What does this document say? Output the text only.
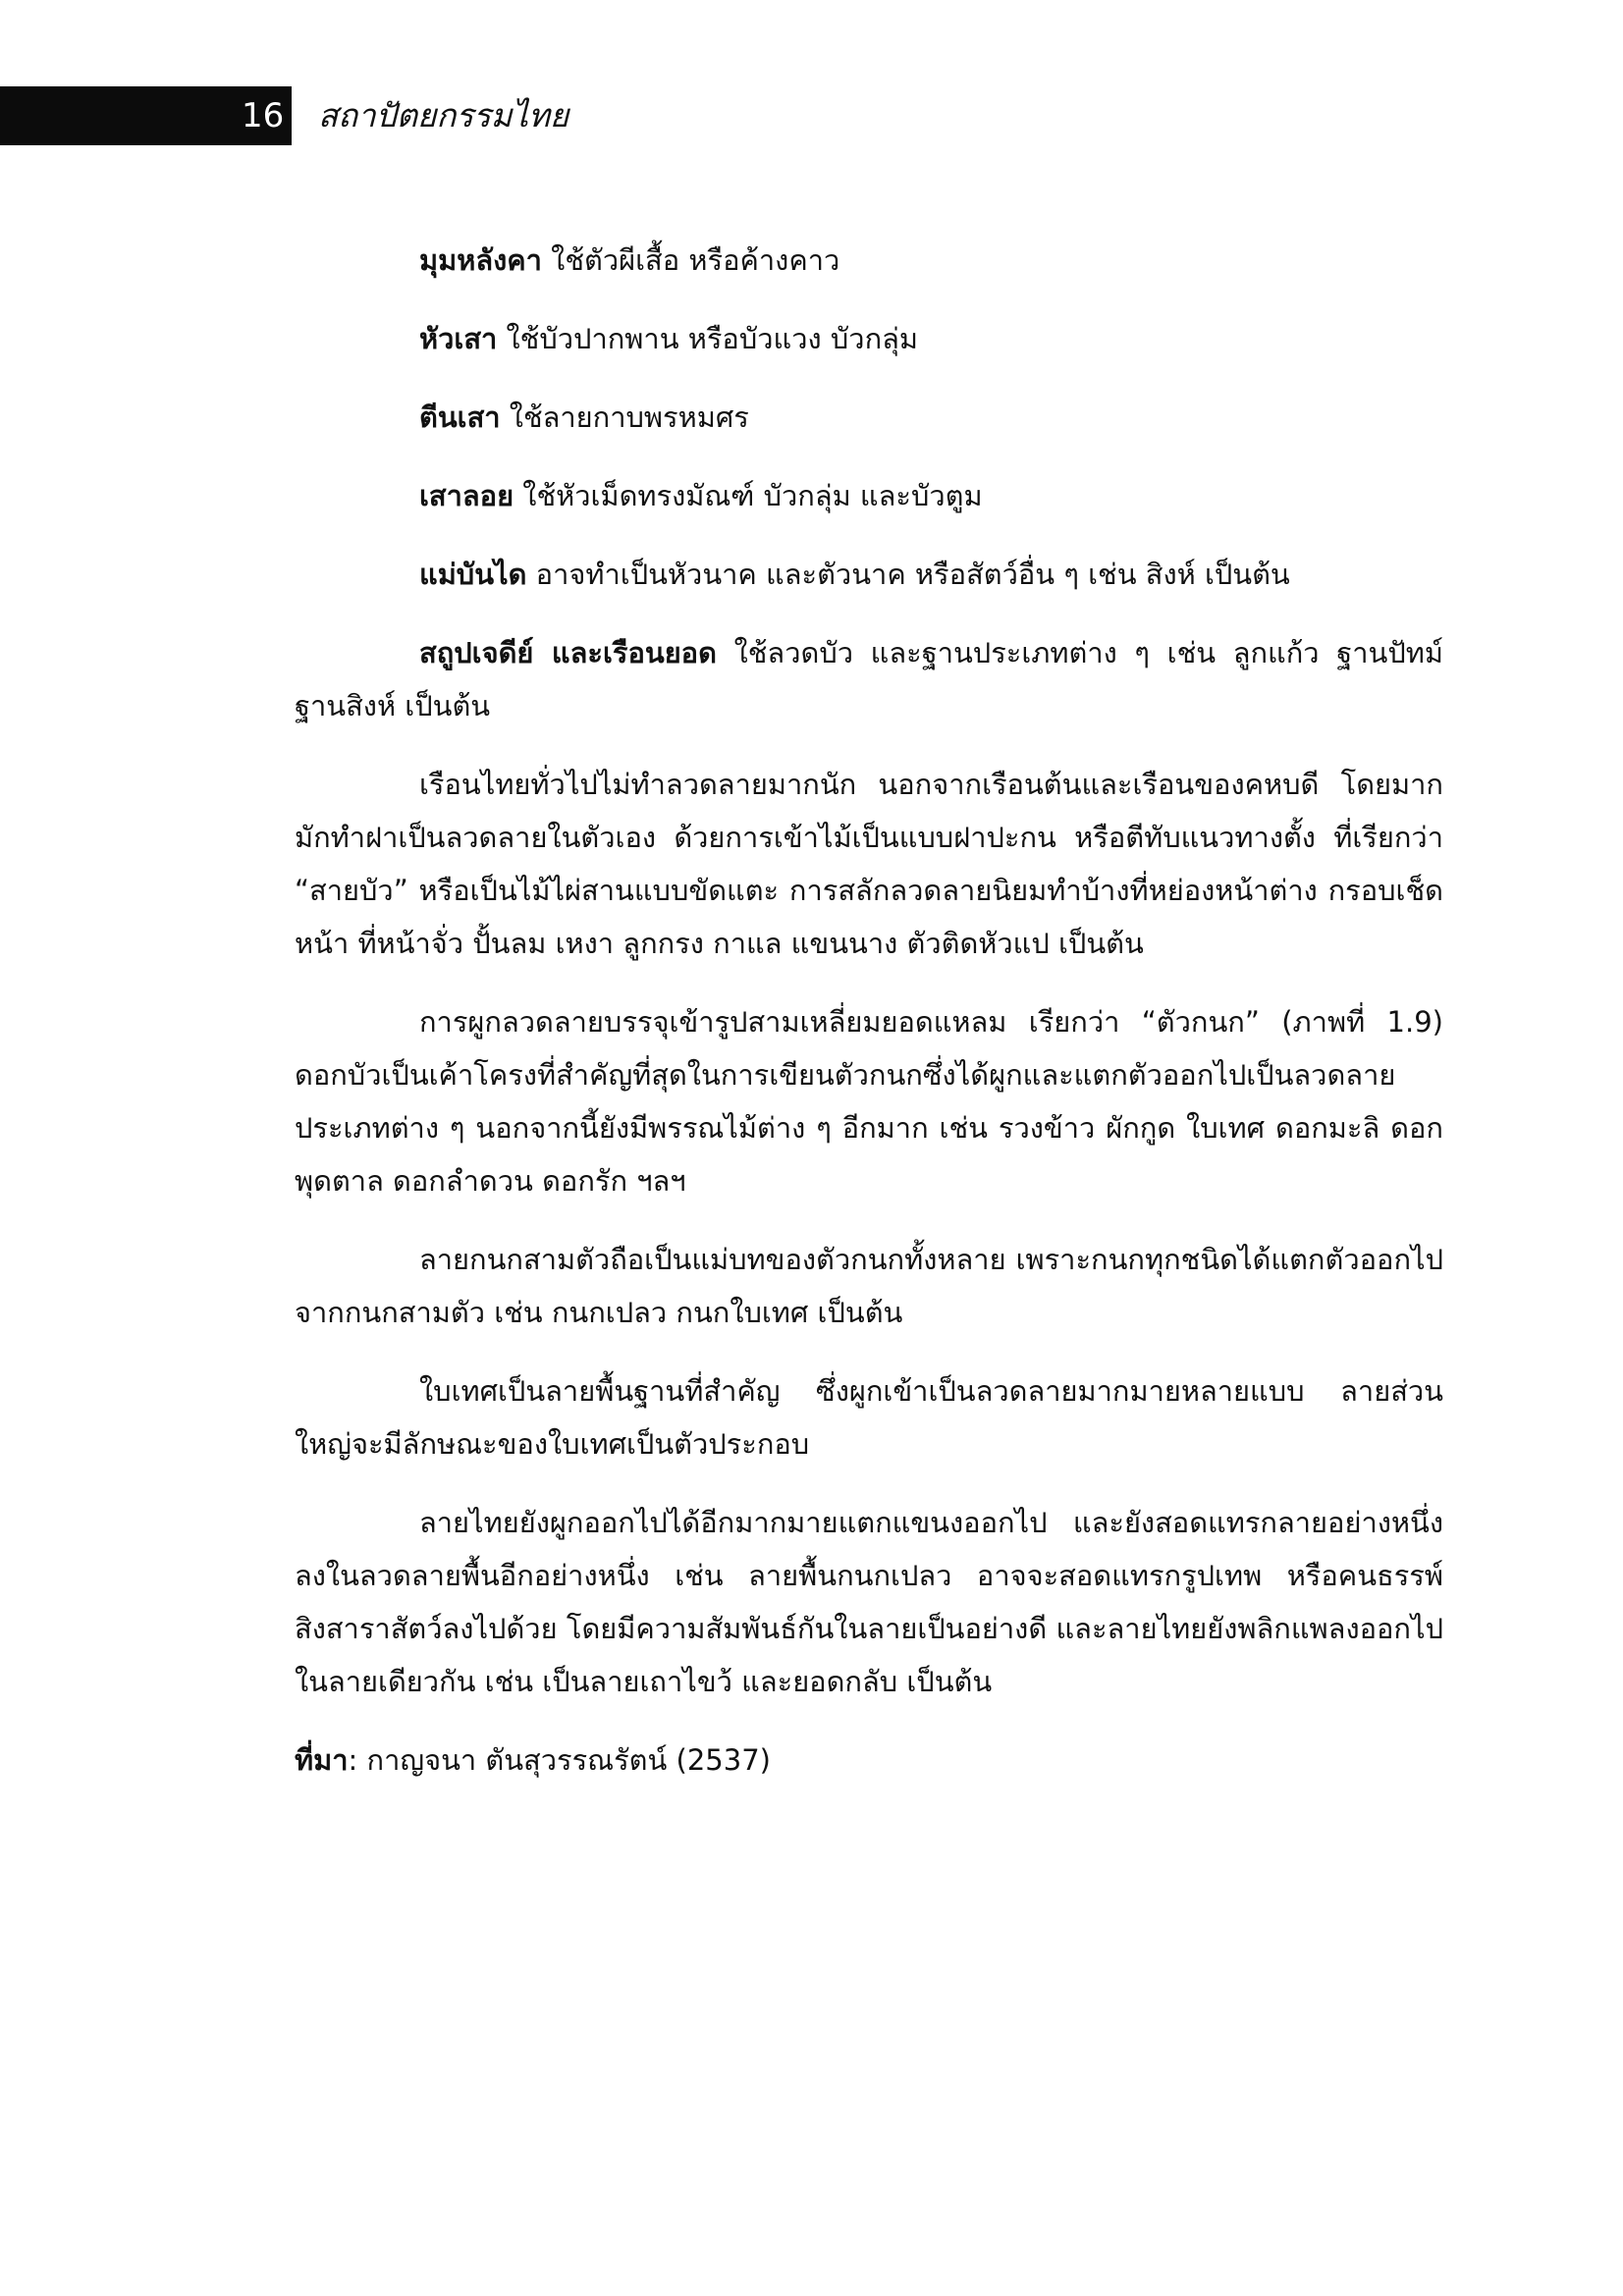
16 สถาปัตยกรรมไทย

มุมหลังคา ใช้ตัวผีเสื้อ หรือค้างคาว

หัวเสา ใช้บัวปากพาน หรือบัวแวง บัวกลุ่ม

ตีนเสา ใช้ลายกาบพรหมศร

เสาลอย ใช้หัวเม็ดทรงมัณฑ์ บัวกลุ่ม และบัวตูม

แม่บันได อาจทำเป็นหัวนาค และตัวนาค หรือสัตว์อื่น ๆ เช่น สิงห์ เป็นต้น

สถูปเจดีย์ และเรือนยอด ใช้ลวดบัว และฐานประเภทต่าง ๆ เช่น ลูกแก้ว ฐานปัทม์ ฐานสิงห์ เป็นต้น

เรือนไทยทั่วไปไม่ทำลวดลายมากนัก นอกจากเรือนต้นและเรือนของคหบดี โดยมากมักทำฝาเป็นลวดลายในตัวเอง ด้วยการเข้าไม้เป็นแบบฝาปะกน หรือตีทับแนวทางตั้ง ที่เรียกว่า “สายบัว” หรือเป็นไม้ไผ่สานแบบขัดแตะ การสลักลวดลายนิยมทำบ้างที่หย่องหน้าต่าง กรอบเช็ดหน้า ที่หน้าจั่ว ปั้นลม เหงา ลูกกรง กาแล แขนนาง ตัวติดหัวแป เป็นต้น

การผูกลวดลายบรรจุเข้ารูปสามเหลี่ยมยอดแหลม เรียกว่า “ตัวกนก” (ภาพที่ 1.9) ดอกบัวเป็นเค้าโครงที่สำคัญที่สุดในการเขียนตัวกนกซึ่งได้ผูกและแตกตัวออกไปเป็นลวดลายประเภทต่าง ๆ นอกจากนี้ยังมีพรรณไม้ต่าง ๆ อีกมาก เช่น รวงข้าว ผักกูด ใบเทศ ดอกมะลิ ดอกพุดตาล ดอกลำดวน ดอกรัก ฯลฯ

ลายกนกสามตัวถือเป็นแม่บทของตัวกนกทั้งหลาย เพราะกนกทุกชนิดได้แตกตัวออกไปจากกนกสามตัว เช่น กนกเปลว กนกใบเทศ เป็นต้น

ใบเทศเป็นลายพื้นฐานที่สำคัญ ซึ่งผูกเข้าเป็นลวดลายมากมายหลายแบบ ลายส่วนใหญ่จะมีลักษณะของใบเทศเป็นตัวประกอบ

ลายไทยยังผูกออกไปได้อีกมากมายแตกแขนงออกไป และยังสอดแทรกลายอย่างหนึ่งลงในลวดลายพื้นอีกอย่างหนึ่ง เช่น ลายพื้นกนกเปลว อาจจะสอดแทรกรูปเทพ หรือคนธรรพ์ สิงสาราสัตว์ลงไปด้วย โดยมีความสัมพันธ์กันในลายเป็นอย่างดี และลายไทยยังพลิกแพลงออกไปในลายเดียวกัน เช่น เป็นลายเถาไขว้ และยอดกลับ เป็นต้น

ที่มา: กาญจนา ตันสุวรรณรัตน์ (2537)
